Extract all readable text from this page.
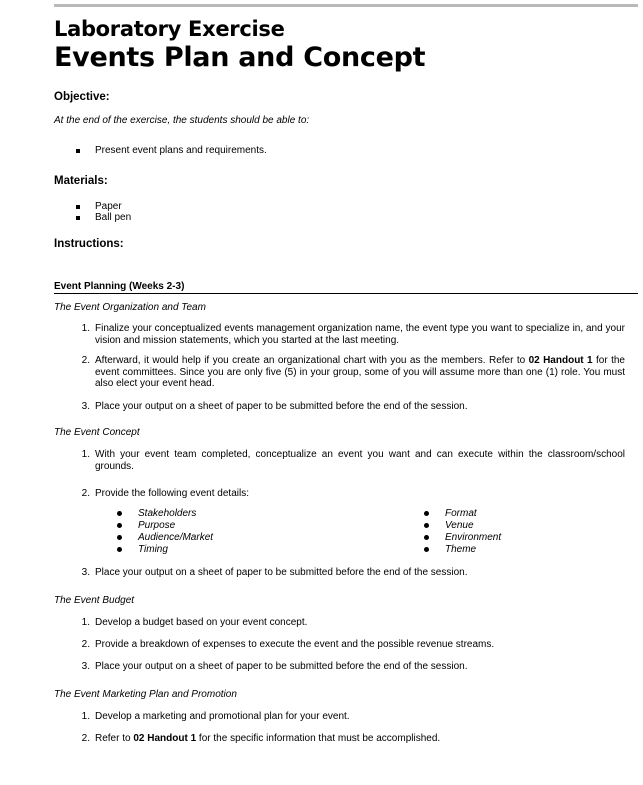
Laboratory Exercise
Events Plan and Concept
Objective:
At the end of the exercise, the students should be able to:
Present event plans and requirements.
Materials:
Paper
Ball pen
Instructions:
Event Planning (Weeks 2-3)
The Event Organization and Team
1. Finalize your conceptualized events management organization name, the event type you want to specialize in, and your vision and mission statements, which you started at the last meeting.
2. Afterward, it would help if you create an organizational chart with you as the members. Refer to 02 Handout 1 for the event committees. Since you are only five (5) in your group, some of you will assume more than one (1) role. You must also elect your event head.
3. Place your output on a sheet of paper to be submitted before the end of the session.
The Event Concept
1. With your event team completed, conceptualize an event you want and can execute within the classroom/school grounds.
2. Provide the following event details:
Stakeholders
Purpose
Audience/Market
Timing
Format
Venue
Environment
Theme
3. Place your output on a sheet of paper to be submitted before the end of the session.
The Event Budget
1. Develop a budget based on your event concept.
2. Provide a breakdown of expenses to execute the event and the possible revenue streams.
3. Place your output on a sheet of paper to be submitted before the end of the session.
The Event Marketing Plan and Promotion
1. Develop a marketing and promotional plan for your event.
2. Refer to 02 Handout 1 for the specific information that must be accomplished.
